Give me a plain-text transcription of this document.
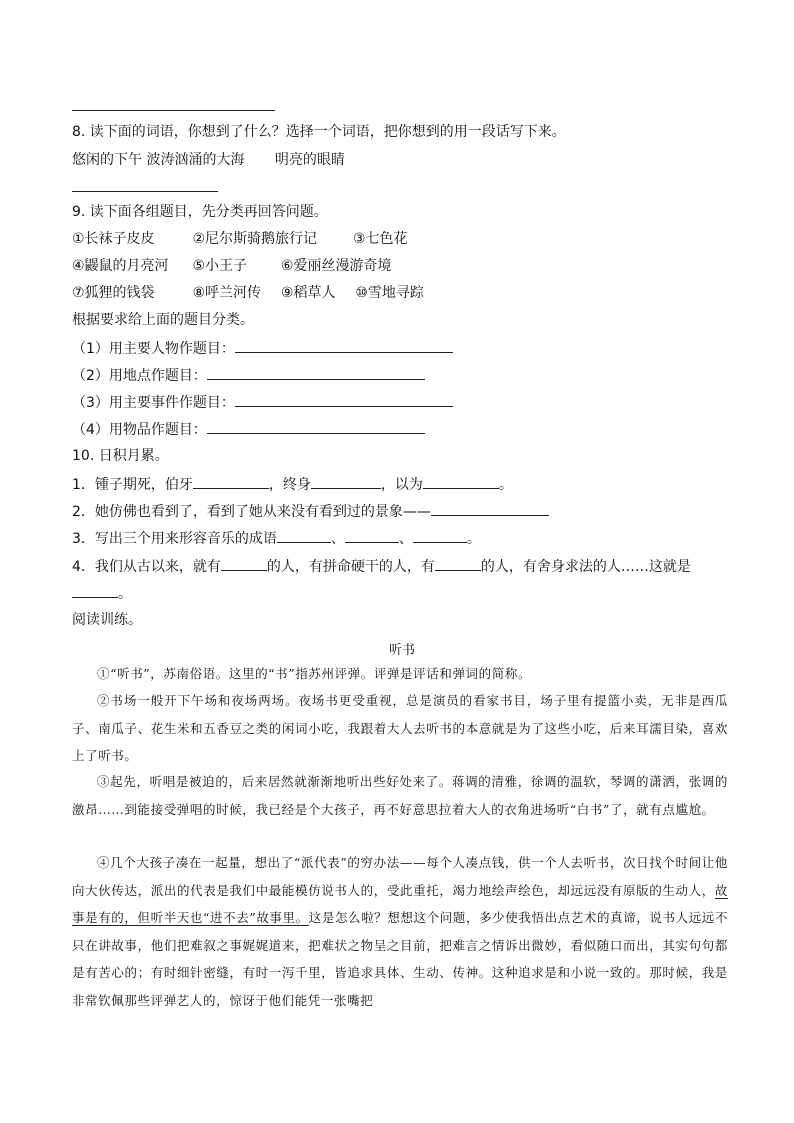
8. 读下面的词语，你想到了什么？选择一个词语，把你想到的用一段话写下来。
悠闲的下午 波涛汹涌的大海 明亮的眼睛
9. 读下面各组题目，先分类再回答问题。
①长袜子皮皮	②尼尔斯骑鹅旅行记	③七色花
④鼹鼠的月亮河 ⑤小王子 ⑥爱丽丝漫游奇境
⑦狐狸的钱袋	⑧呼兰河传 ⑨稻草人 ⑩雪地寻踪
根据要求给上面的题目分类。
（1）用主要人物作题目：
（2）用地点作题目：
（3）用主要事件作题目：
（4）用物品作题目：
10. 日积月累。
1．锺子期死，伯牙	，终身	，以为	。
2．她仿佛也看到了，看到了她从来没有看到过的景象——
3．写出三个用来形容音乐的成语	、	、	。
4．我们从古以来，就有	的人，有拼命硬干的人，有	的人，有舍身求法的人……这就是
。
阅读训练。
听书
①“听书”，苏南俗语。这里的“书”指苏州评弹。评弹是评话和弹词的简称。
②书场一般开下午场和夜场两场。夜场书更受重视，总是演员的看家书目，场子里有提篮小卖，无非是西瓜子、南瓜子、花生米和五香豆之类的闲词小吃，我跟着大人去听书的本意就是为了这些小吃，后来耳濡目染，喜欢上了听书。
③起先，听唱是被迫的，后来居然就渐渐地听出些好处来了。蒋调的清雅，徐调的温软，琴调的潇洒，张调的激昂……到能接受弹唱的时候，我已经是个大孩子，再不好意思拉着大人的衣角进场听“白书”了，就有点尴尬。
④几个大孩子凑在一起量，想出了“派代表”的穷办法——每个人凑点钱，供一个人去听书，次日找个时间让他向大伙传达，派出的代表是我们中最能模仿说书人的，受此重托，竭力地绘声绘色，却远远没有原版的生动人，故事是有的，但听半天也“进不去”故事里。这是怎么啦？想想这个问题，多少使我悟出点艺术的真谛，说书人远远不只在讲故事，他们把难叙之事娓娓道来，把难状之物呈之目前，把难言之情诉出微妙，看似随口而出，其实句句都是有苦心的；有时细针密缝，有时一泻千里，皆追求具体、生动、传神。这种追求是和小说一致的。那时候，我是非常钦佩那些评弹艺人的，惊讶于他们能凭一张嘴把
